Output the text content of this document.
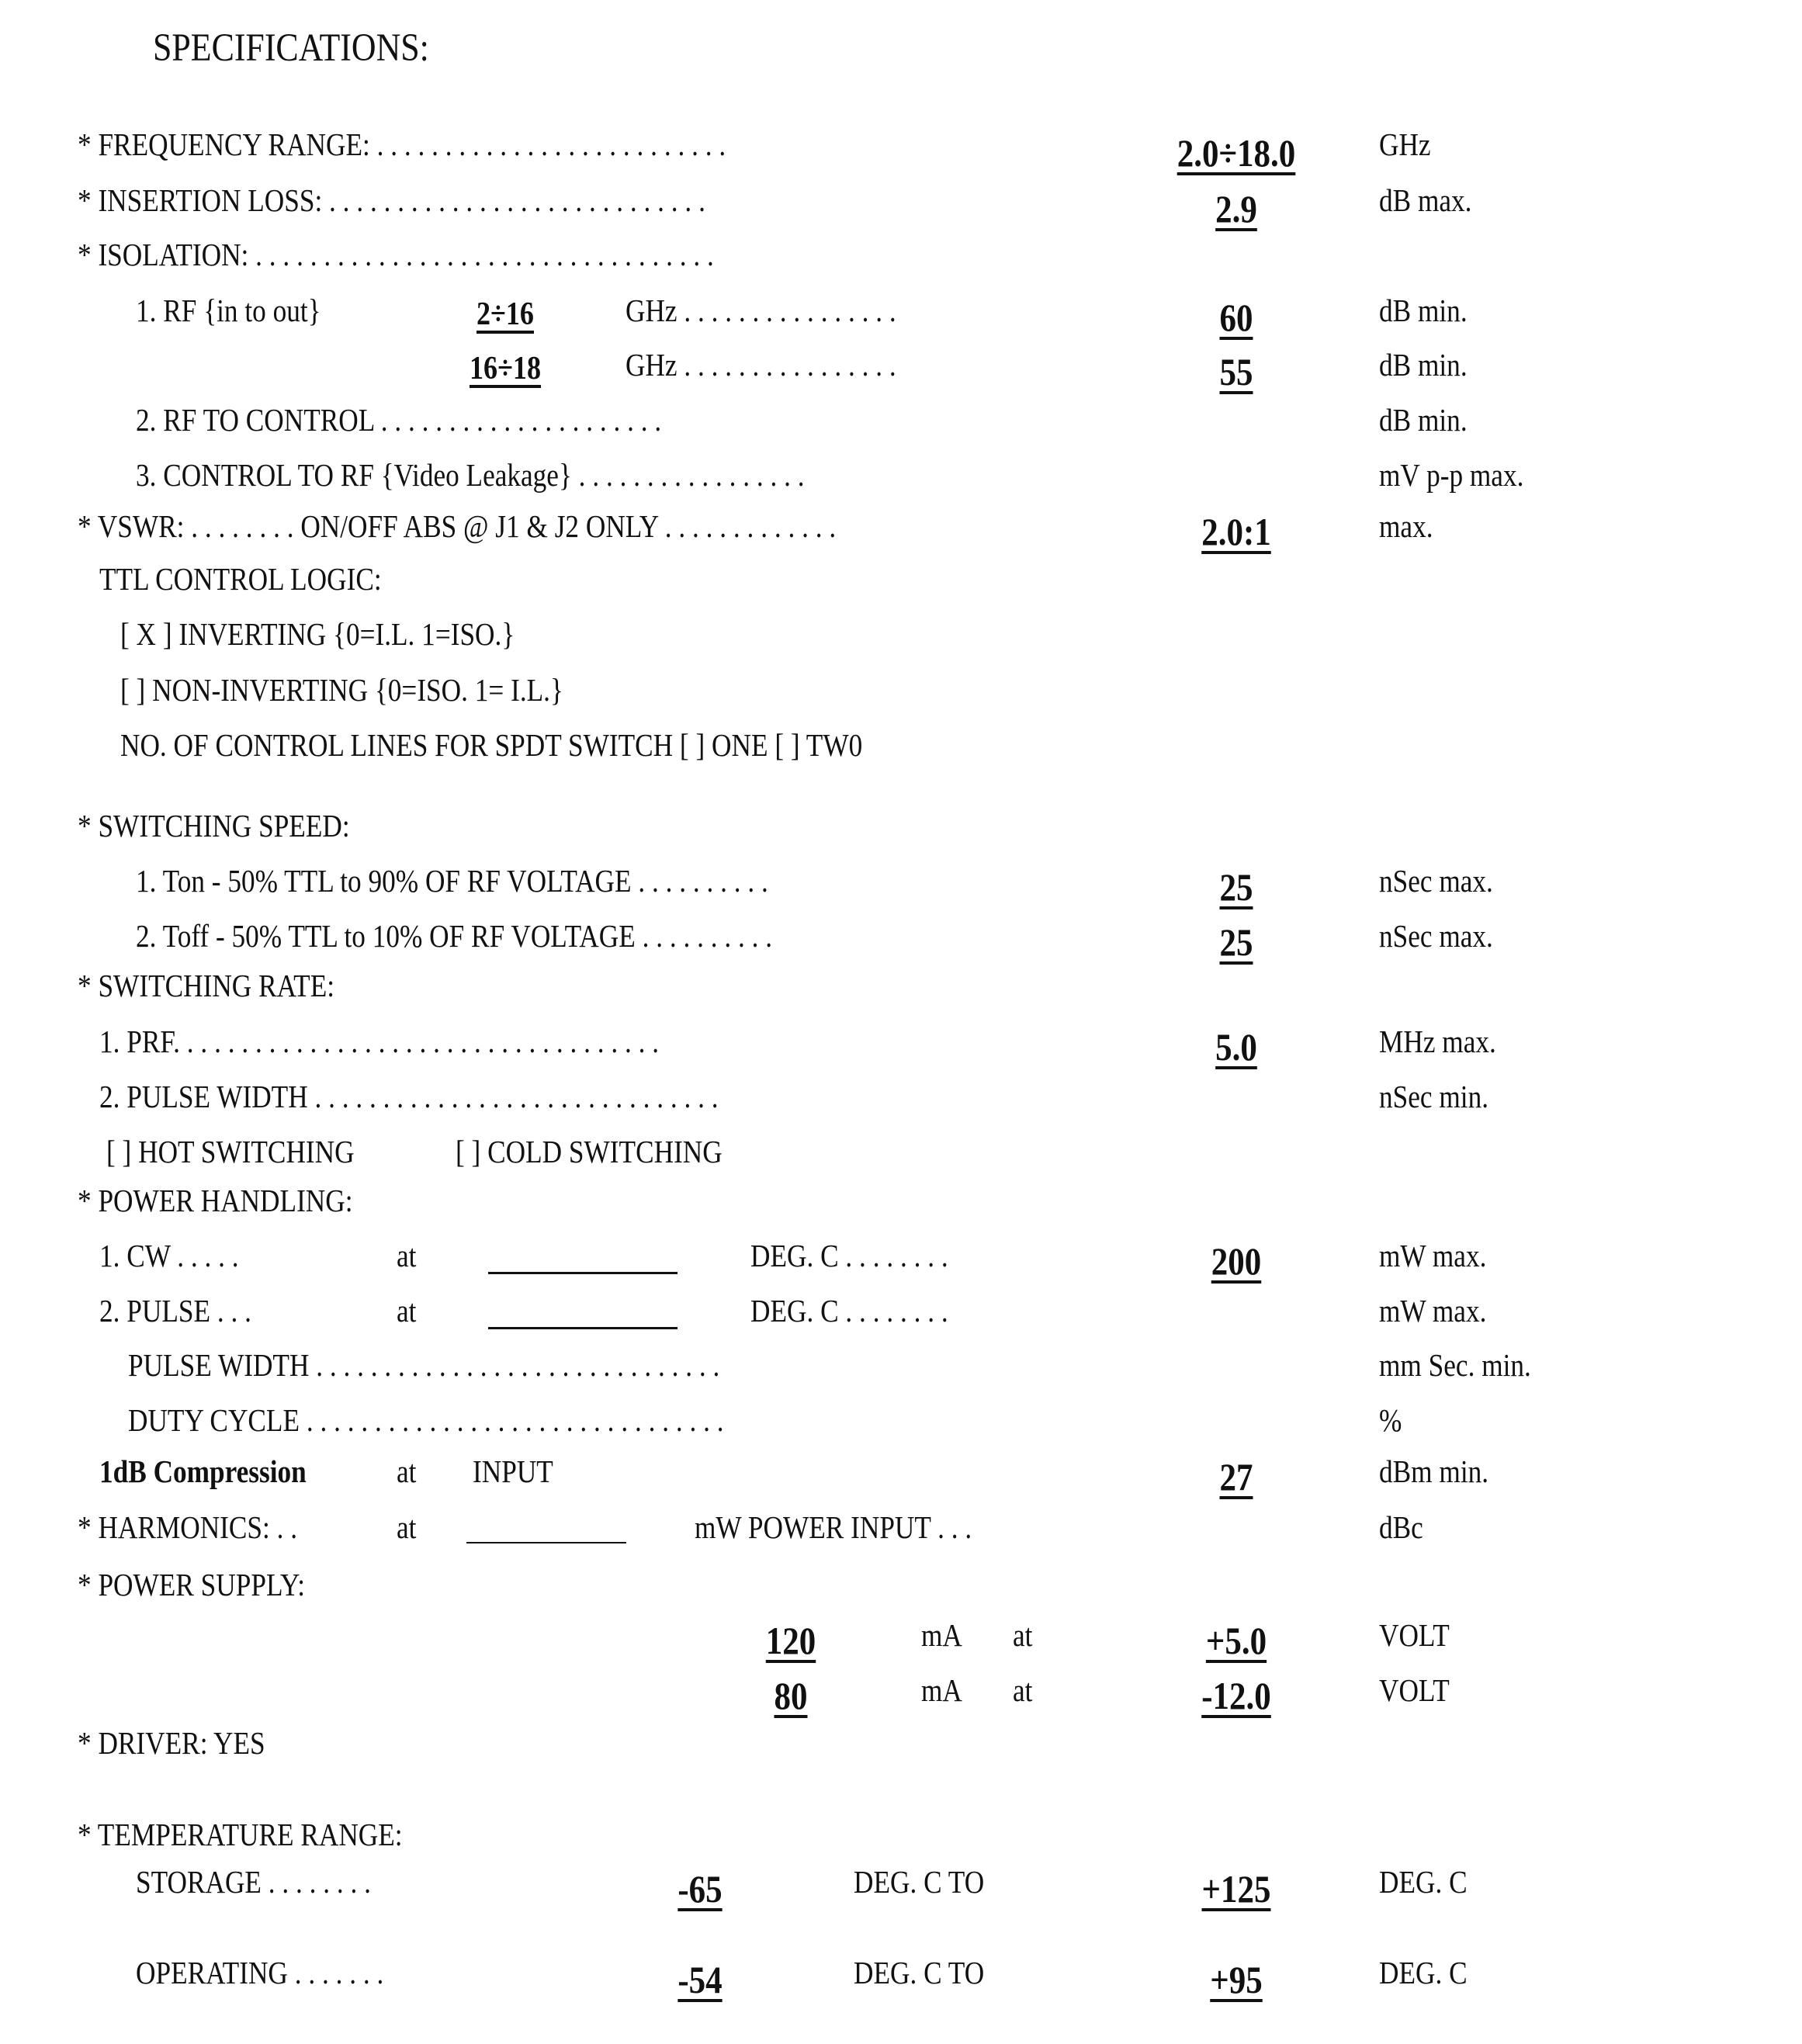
SPECIFICATIONS:
* FREQUENCY RANGE: . . . . . . . . . . . . . . . . . . . . . . . . . .	2.0÷18.0	GHz
* INSERTION LOSS: . . . . . . . . . . . . . . . . . . . . . . . . . . . .	2.9	dB max.
* ISOLATION: . . . . . . . . . . . . . . . . . . . . . . . . . . . . . . . . . .
1. RF {in to out}	2÷16	GHz . . . . . . . . . . . . . . . .	60	dB min.
16÷18	GHz . . . . . . . . . . . . . . . .	55	dB min.
2. RF TO CONTROL . . . . . . . . . . . . . . . . . . . . .	dB min.
3. CONTROL TO RF {Video Leakage} . . . . . . . . . . . . . . . . .	mV p-p max.
* VSWR: . . . . . . . . ON/OFF ABS @ J1 & J2 ONLY . . . . . . . . . . . . .	2.0:1	max.
TTL CONTROL LOGIC:
[ X ] INVERTING {0=I.L. 1=ISO.}
[ ] NON-INVERTING {0=ISO. 1= I.L.}
NO. OF CONTROL LINES FOR SPDT SWITCH [ ] ONE [ ] TW0
* SWITCHING SPEED:
1. Ton - 50% TTL to 90% OF RF VOLTAGE . . . . . . . . . .	25	nSec max.
2. Toff - 50% TTL to 10% OF RF VOLTAGE . . . . . . . . . .	25	nSec max.
* SWITCHING RATE:
1. PRF. . . . . . . . . . . . . . . . . . . . . . . . . . . . . . . . . . . .	5.0	MHz max.
2. PULSE WIDTH . . . . . . . . . . . . . . . . . . . . . . . . . . . . . .	nSec min.
[ ] HOT SWITCHING	[ ] COLD SWITCHING
* POWER HANDLING:
1. CW . . . . .	at	DEG. C . . . . . . . .	200	mW max.
2. PULSE . . .	at	DEG. C . . . . . . . .	mW max.
PULSE WIDTH . . . . . . . . . . . . . . . . . . . . . . . . . . . . . .	mm Sec. min.
DUTY CYCLE . . . . . . . . . . . . . . . . . . . . . . . . . . . . . . .	%
1dB Compression	at INPUT	27	dBm min.
* HARMONICS: . .	at	mW POWER INPUT . . .	dBc
* POWER SUPPLY:
120	mA at	+5.0	VOLT
80	mA at	-12.0	VOLT
* DRIVER: YES
* TEMPERATURE RANGE:
STORAGE . . . . . . . .	-65	DEG. C TO	+125	DEG. C
OPERATING . . . . . . .	-54	DEG. C TO	+95	DEG. C
